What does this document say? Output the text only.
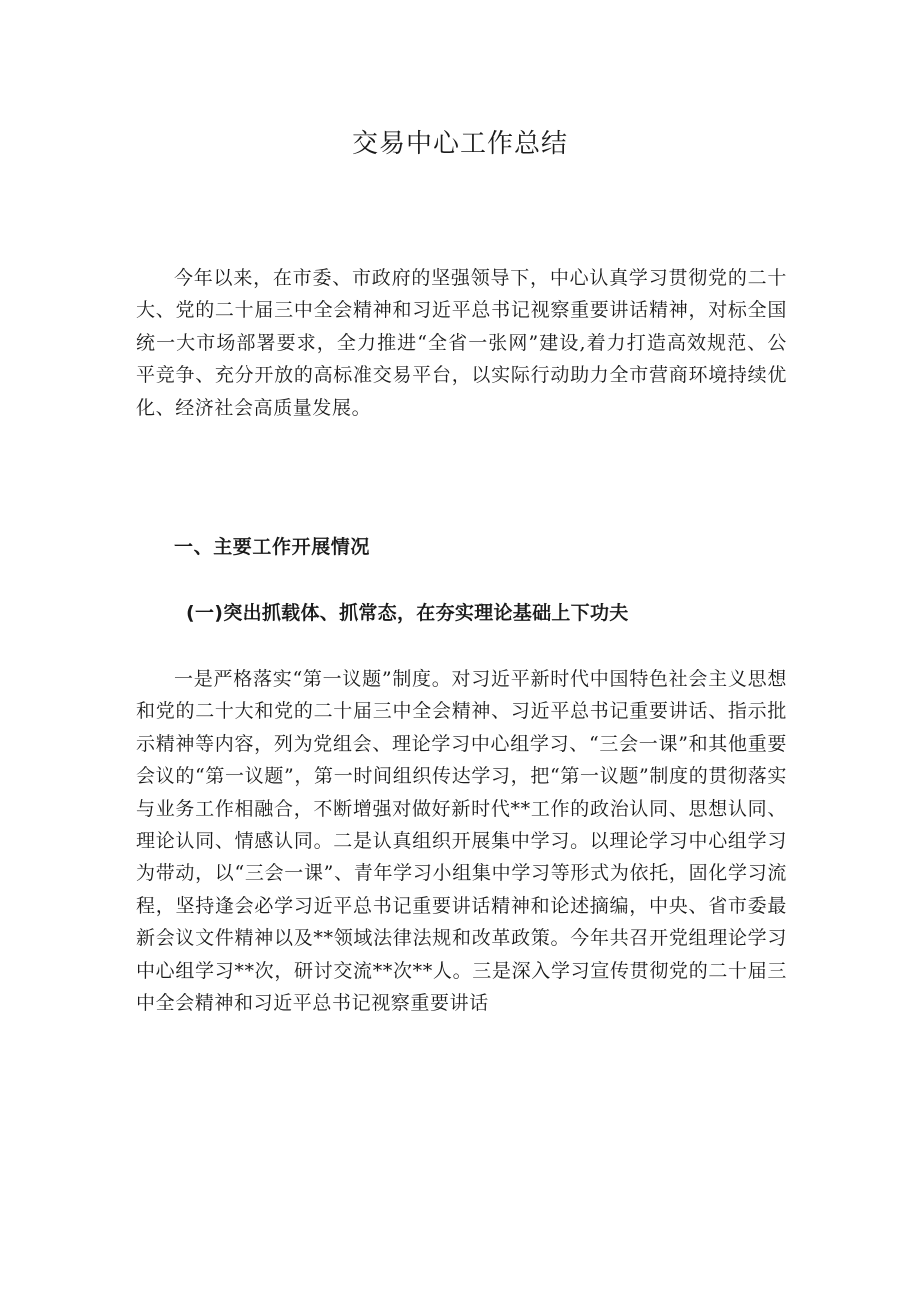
交易中心工作总结

今年以来，在市委、市政府的坚强领导下，中心认真学习贯彻党的二十大、党的二十届三中全会精神和习近平总书记视察重要讲话精神，对标全国统一大市场部署要求，全力推进“全省一张网”建设,着力打造高效规范、公平竞争、充分开放的高标准交易平台，以实际行动助力全市营商环境持续优化、经济社会高质量发展。

一、主要工作开展情况
(一)突出抓载体、抓常态，在夯实理论基础上下功夫

一是严格落实“第一议题”制度。对习近平新时代中国特色社会主义思想和党的二十大和党的二十届三中全会精神、习近平总书记重要讲话、指示批示精神等内容，列为党组会、理论学习中心组学习、“三会一课”和其他重要会议的“第一议题”，第一时间组织传达学习，把“第一议题”制度的贯彻落实与业务工作相融合，不断增强对做好新时代**工作的政治认同、思想认同、理论认同、情感认同。二是认真组织开展集中学习。以理论学习中心组学习为带动，以“三会一课”、青年学习小组集中学习等形式为依托，固化学习流程，坚持逢会必学习近平总书记重要讲话精神和论述摘编，中央、省市委最新会议文件精神以及**领域法律法规和改革政策。今年共召开党组理论学习中心组学习**次，研讨交流**次**人。三是深入学习宣传贯彻党的二十届三中全会精神和习近平总书记视察重要讲话
